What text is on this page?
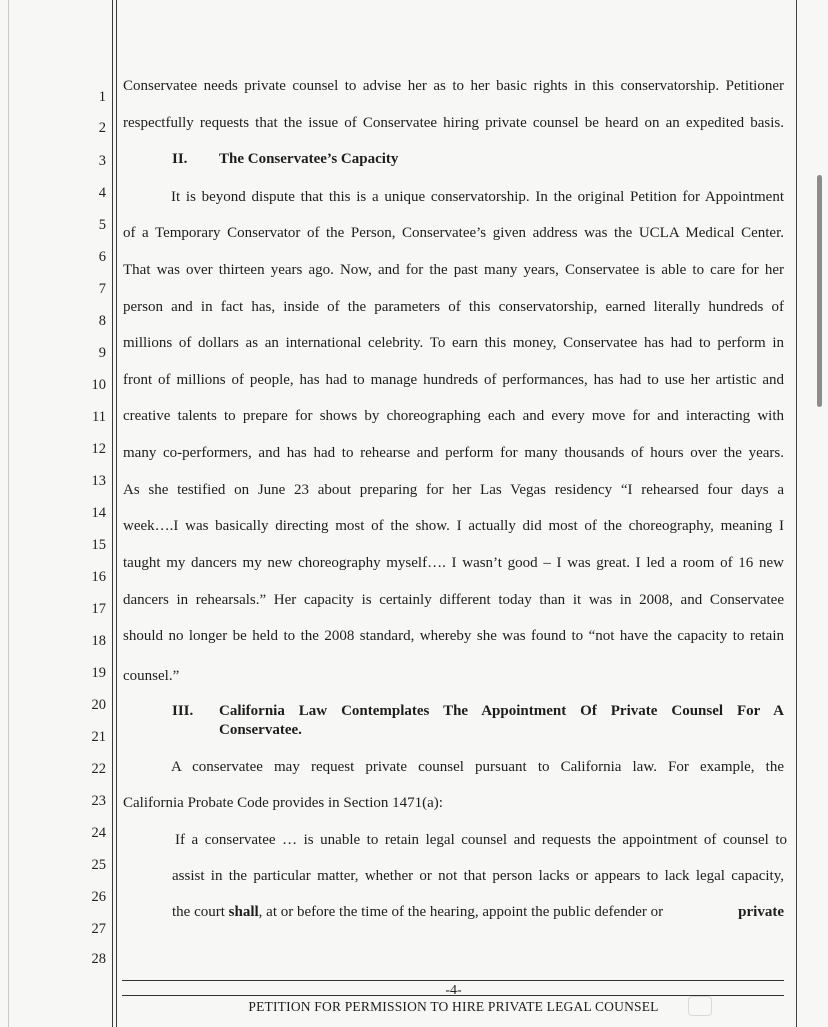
1
2
3
4
5
6
7
8
9
10
11
12
13
14
15
16
17
18
19
20
21
22
23
24
25
26
27
28
Conservatee needs private counsel to advise her as to her basic rights in this conservatorship. Petitioner
respectfully requests that the issue of Conservatee hiring private counsel be heard on an expedited basis.
II. The Conservatee’s Capacity
It is beyond dispute that this is a unique conservatorship. In the original Petition for Appointment
of a Temporary Conservator of the Person, Conservatee’s given address was the UCLA Medical Center.
That was over thirteen years ago. Now, and for the past many years, Conservatee is able to care for her
person and in fact has, inside of the parameters of this conservatorship, earned literally hundreds of
millions of dollars as an international celebrity. To earn this money, Conservatee has had to perform in
front of millions of people, has had to manage hundreds of performances, has had to use her artistic and
creative talents to prepare for shows by choreographing each and every move for and interacting with
many co-performers, and has had to rehearse and perform for many thousands of hours over the years.
As she testified on June 23 about preparing for her Las Vegas residency “I rehearsed four days a
week….I was basically directing most of the show. I actually did most of the choreography, meaning I
taught my dancers my new choreography myself…. I wasn’t good – I was great. I led a room of 16 new
dancers in rehearsals.” Her capacity is certainly different today than it was in 2008, and Conservatee
should no longer be held to the 2008 standard, whereby she was found to “not have the capacity to retain
counsel.”
III. California Law Contemplates The Appointment Of Private Counsel For A
Conservatee.
A conservatee may request private counsel pursuant to California law. For example, the
California Probate Code provides in Section 1471(a):
If a conservatee … is unable to retain legal counsel and requests the appointment of counsel to
assist in the particular matter, whether or not that person lacks or appears to lack legal capacity,
the court shall, at or before the time of the hearing, appoint the public defender or	private
-4-
PETITION FOR PERMISSION TO HIRE PRIVATE LEGAL COUNSEL
